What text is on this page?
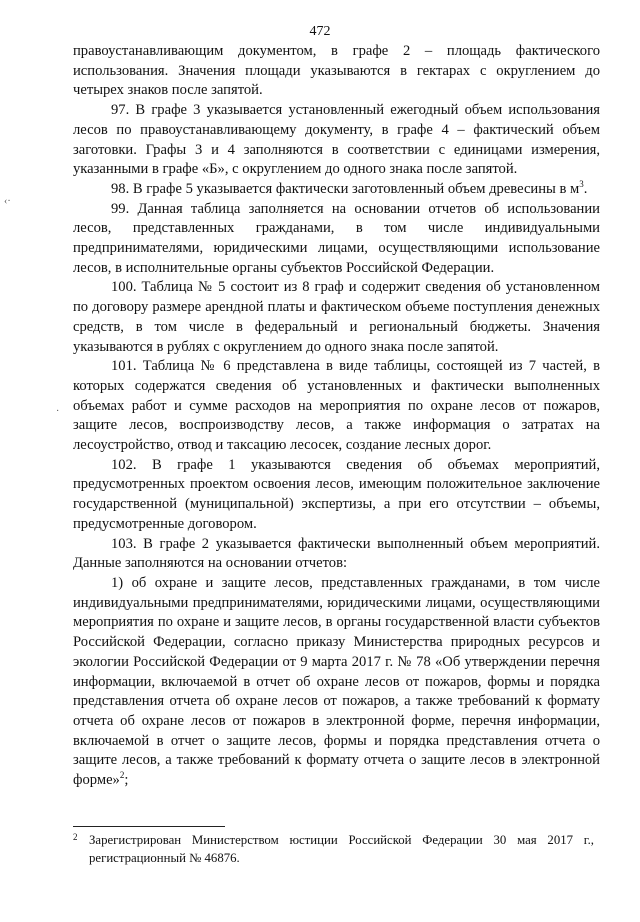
472

правоустанавливающим документом, в графе 2 – площадь фактического использования. Значения площади указываются в гектарах с округлением до четырех знаков после запятой.

97. В графе 3 указывается установленный ежегодный объем использования лесов по правоустанавливающему документу, в графе 4 – фактический объем заготовки. Графы 3 и 4 заполняются в соответствии с единицами измерения, указанными в графе «Б», с округлением до одного знака после запятой.

98. В графе 5 указывается фактически заготовленный объем древесины в $м^3$.

99. Данная таблица заполняется на основании отчетов об использовании лесов, представленных гражданами, в том числе индивидуальными предпринимателями, юридическими лицами, осуществляющими использование лесов, в исполнительные органы субъектов Российской Федерации.

100. Таблица № 5 состоит из 8 граф и содержит сведения об установленном по договору размере арендной платы и фактическом объеме поступления денежных средств, в том числе в федеральный и региональный бюджеты. Значения указываются в рублях с округлением до одного знака после запятой.

101. Таблица № 6 представлена в виде таблицы, состоящей из 7 частей, в которых содержатся сведения об установленных и фактически выполненных объемах работ и сумме расходов на мероприятия по охране лесов от пожаров, защите лесов, воспроизводству лесов, а также информация о затратах на лесоустройство, отвод и таксацию лесосек, создание лесных дорог.

102. В графе 1 указываются сведения об объемах мероприятий, предусмотренных проектом освоения лесов, имеющим положительное заключение государственной (муниципальной) экспертизы, а при его отсутствии – объемы, предусмотренные договором.

103. В графе 2 указывается фактически выполненный объем мероприятий. Данные заполняются на основании отчетов:

1) об охране и защите лесов, представленных гражданами, в том числе индивидуальными предпринимателями, юридическими лицами, осуществляющими мероприятия по охране и защите лесов, в органы государственной власти субъектов Российской Федерации, согласно приказу Министерства природных ресурсов и экологии Российской Федерации от 9 марта 2017 г. № 78 «Об утверждении перечня информации, включаемой в отчет об охране лесов от пожаров, формы и порядка представления отчета об охране лесов от пожаров, а также требований к формату отчета об охране лесов от пожаров в электронной форме, перечня информации, включаемой в отчет о защите лесов, формы и порядка представления отчета о защите лесов, а также требований к формату отчета о защите лесов в электронной форме»$^2$;

‹·
·
2 Зарегистрирован Министерством юстиции Российской Федерации 30 мая 2017 г., регистрационный № 46876.
